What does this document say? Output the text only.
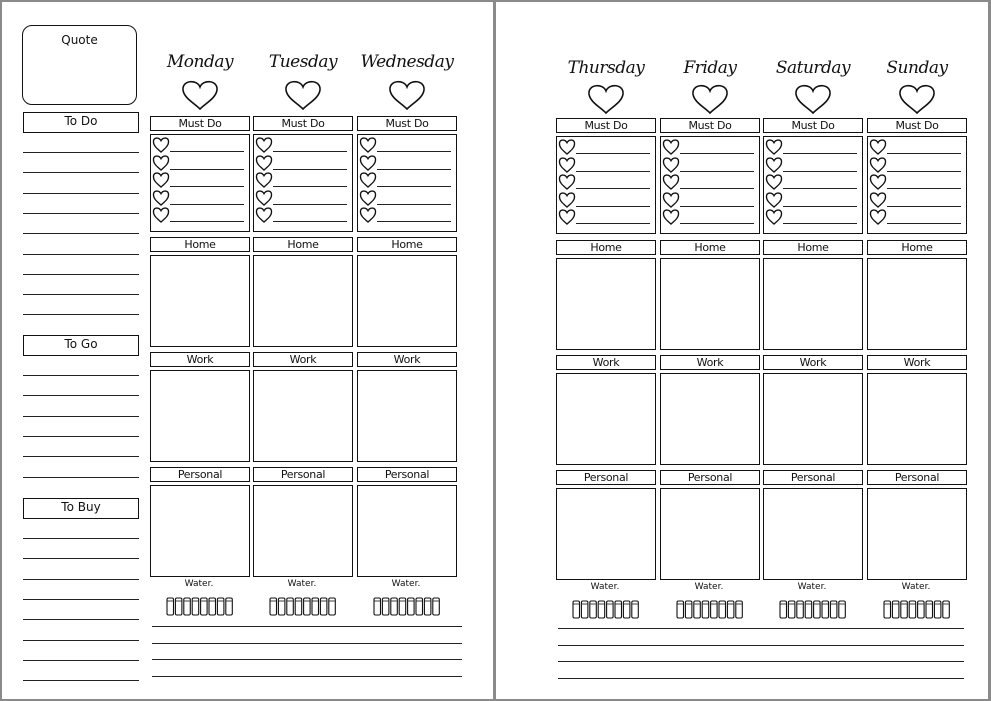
Quote
To Do
To Go
To Buy
Monday
Must Do
Home
Work
Personal
Water.
Tuesday
Must Do
Home
Work
Personal
Water.
Wednesday
Must Do
Home
Work
Personal
Water.
Thursday
Must Do
Home
Work
Personal
Water.
Friday
Must Do
Home
Work
Personal
Water.
Saturday
Must Do
Home
Work
Personal
Water.
Sunday
Must Do
Home
Work
Personal
Water.
